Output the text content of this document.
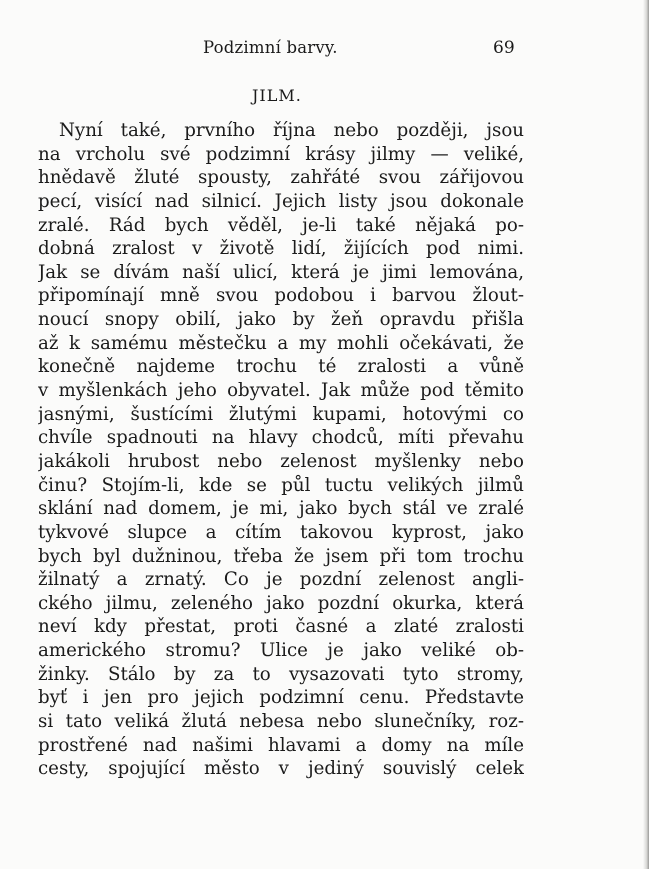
Podzimní barvy.	69
JILM.
Nyní také, prvního října nebo později, jsou
na vrcholu své podzimní krásy jilmy — veliké,
hnědavě žluté spousty, zahřáté svou zářijovou
pecí, visící nad silnicí. Jejich listy jsou dokonale
zralé. Rád bych věděl, je-li také nějaká po-
dobná zralost v životě lidí, žijících pod nimi.
Jak se dívám naší ulicí, která je jimi lemována,
připomínají mně svou podobou i barvou žlout-
noucí snopy obilí, jako by žeň opravdu přišla
až k samému městečku a my mohli očekávati, že
konečně najdeme trochu té zralosti a vůně
v myšlenkách jeho obyvatel. Jak může pod těmito
jasnými, šustícími žlutými kupami, hotovými co
chvíle spadnouti na hlavy chodců, míti převahu
jakákoli hrubost nebo zelenost myšlenky nebo
činu? Stojím-li, kde se půl tuctu velikých jilmů
sklání nad domem, je mi, jako bych stál ve zralé
tykvové slupce a cítím takovou kyprost, jako
bych byl dužninou, třeba že jsem při tom trochu
žilnatý a zrnatý. Co je pozdní zelenost angli-
ckého jilmu, zeleného jako pozdní okurka, která
neví kdy přestat, proti časné a zlaté zralosti
amerického stromu? Ulice je jako veliké ob-
žinky. Stálo by za to vysazovati tyto stromy,
byť i jen pro jejich podzimní cenu. Představte
si tato veliká žlutá nebesa nebo slunečníky, roz-
prostřené nad našimi hlavami a domy na míle
cesty, spojující město v jediný souvislý celek
